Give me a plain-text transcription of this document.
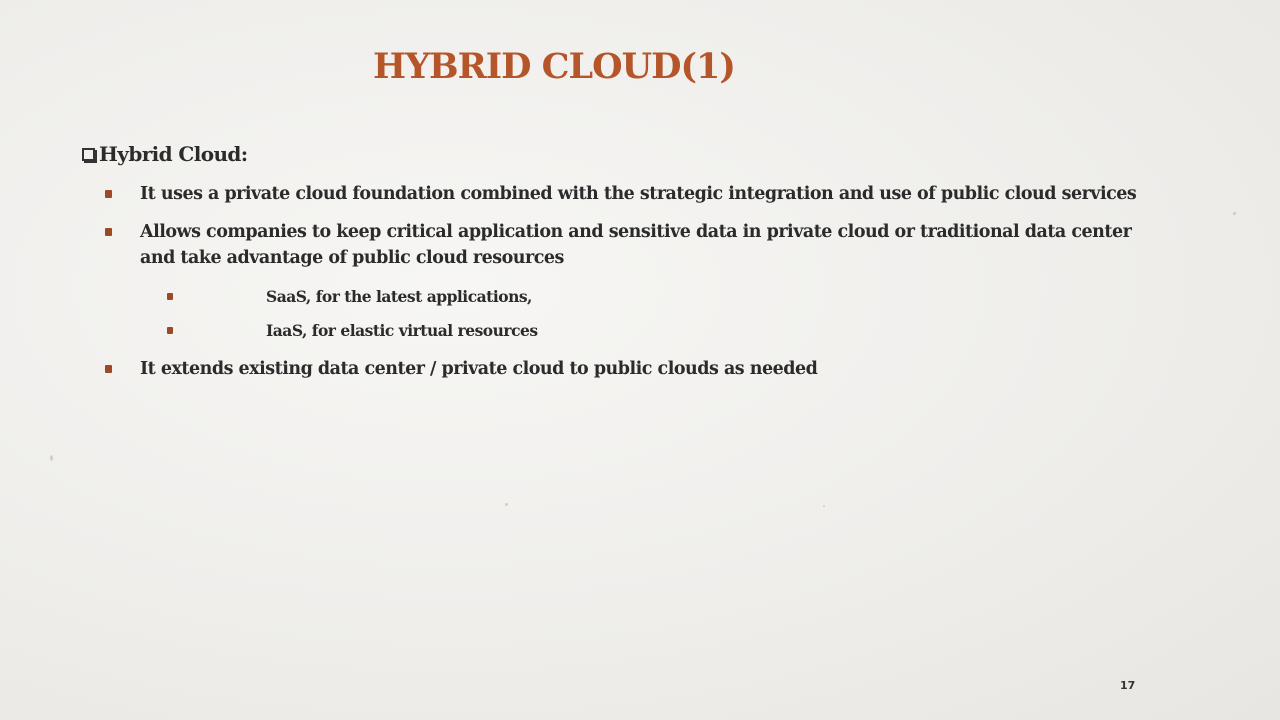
HYBRID CLOUD(1)
Hybrid Cloud:
It uses a private cloud foundation combined with the strategic integration and use of public cloud services
Allows companies to keep critical application and sensitive data in private cloud or traditional data center and take advantage of public cloud resources
SaaS, for the latest applications,
IaaS, for elastic virtual resources
It extends existing data center / private cloud to public clouds as needed
17
